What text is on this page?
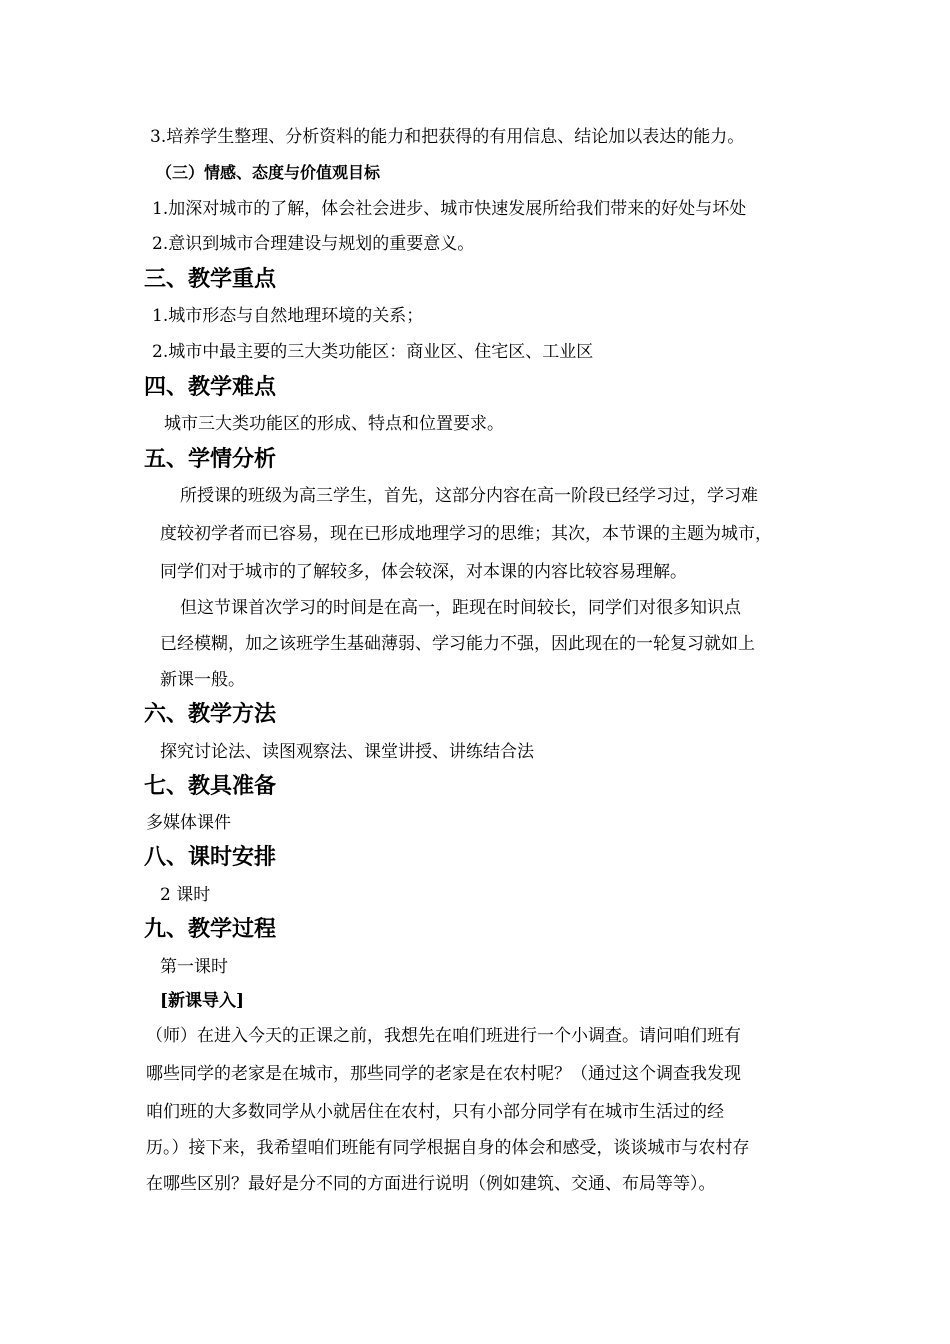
3.培养学生整理、分析资料的能力和把获得的有用信息、结论加以表达的能力。
（三）情感、态度与价值观目标
1.加深对城市的了解，体会社会进步、城市快速发展所给我们带来的好处与坏处
2.意识到城市合理建设与规划的重要意义。
三、教学重点
1.城市形态与自然地理环境的关系；
2.城市中最主要的三大类功能区：商业区、住宅区、工业区
四、教学难点
城市三大类功能区的形成、特点和位置要求。
五、学情分析
所授课的班级为高三学生，首先，这部分内容在高一阶段已经学习过，学习难
度较初学者而已容易，现在已形成地理学习的思维；其次，本节课的主题为城市，
同学们对于城市的了解较多，体会较深，对本课的内容比较容易理解。
但这节课首次学习的时间是在高一，距现在时间较长，同学们对很多知识点
已经模糊，加之该班学生基础薄弱、学习能力不强，因此现在的一轮复习就如上
新课一般。
六、教学方法
探究讨论法、读图观察法、课堂讲授、讲练结合法
七、教具准备
多媒体课件
八、课时安排
2 课时
九、教学过程
第一课时
[新课导入]
（师）在进入今天的正课之前，我想先在咱们班进行一个小调查。请问咱们班有
哪些同学的老家是在城市，那些同学的老家是在农村呢？（通过这个调查我发现
咱们班的大多数同学从小就居住在农村，只有小部分同学有在城市生活过的经
历。）接下来，我希望咱们班能有同学根据自身的体会和感受，谈谈城市与农村存
在哪些区别？最好是分不同的方面进行说明（例如建筑、交通、布局等等）。
